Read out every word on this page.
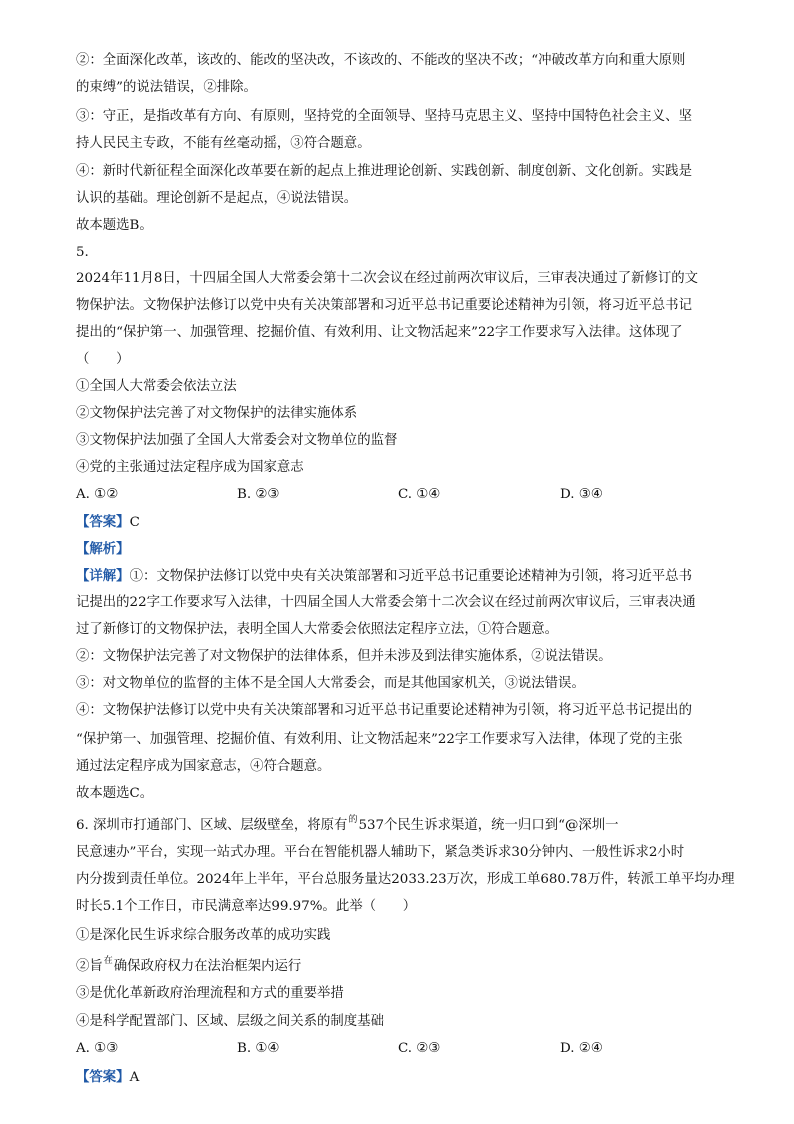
②：全面深化改革，该改的、能改的坚决改，不该改的、不能改的坚决不改；“冲破改革方向和重大原则
的束缚”的说法错误，②排除。
③：守正，是指改革有方向、有原则，坚持党的全面领导、坚持马克思主义、坚持中国特色社会主义、坚
持人民民主专政，不能有丝毫动摇，③符合题意。
④：新时代新征程全面深化改革要在新的起点上推进理论创新、实践创新、制度创新、文化创新。实践是
认识的基础。理论创新不是起点，④说法错误。
故本题选B。
5.
2024年11月8日，十四届全国人大常委会第十二次会议在经过前两次审议后，三审表决通过了新修订的文
物保护法。文物保护法修订以党中央有关决策部署和习近平总书记重要论述精神为引领，将习近平总书记
提出的“保护第一、加强管理、挖掘价值、有效利用、让文物活起来”22字工作要求写入法律。这体现了
（　　）
①全国人大常委会依法立法
②文物保护法完善了对文物保护的法律实施体系
③文物保护法加强了全国人大常委会对文物单位的监督
④党的主张通过法定程序成为国家意志
A. ①②	B. ②③	C. ①④	D. ③④
【答案】C
【解析】
【详解】①：文物保护法修订以党中央有关决策部署和习近平总书记重要论述精神为引领，将习近平总书
记提出的22字工作要求写入法律，十四届全国人大常委会第十二次会议在经过前两次审议后，三审表决通
过了新修订的文物保护法，表明全国人大常委会依照法定程序立法，①符合题意。
②：文物保护法完善了对文物保护的法律体系，但并未涉及到法律实施体系，②说法错误。
③：对文物单位的监督的主体不是全国人大常委会，而是其他国家机关，③说法错误。
④：文物保护法修订以党中央有关决策部署和习近平总书记重要论述精神为引领，将习近平总书记提出的
“保护第一、加强管理、挖掘价值、有效利用、让文物活起来”22字工作要求写入法律，体现了党的主张
通过法定程序成为国家意志，④符合题意。
故本题选C。
6. 深圳市打通部门、区域、层级壁垒，将原有$^的$537个民生诉求渠道，统一归口到“@深圳一
民意速办”平台，实现一站式办理。平台在智能机器人辅助下，紧急类诉求30分钟内、一般性诉求2小时
内分拨到责任单位。2024年上半年，平台总服务量达2033.23万次，形成工单680.78万件，转派工单平均办理
时长5.1个工作日，市民满意率达99.97%。此举（　　）
①是深化民生诉求综合服务改革的成功实践
②旨$^在$确保政府权力在法治框架内运行
③是优化革新政府治理流程和方式的重要举措
④是科学配置部门、区域、层级之间关系的制度基础
A. ①③	B. ①④	C. ②③	D. ②④
【答案】A
